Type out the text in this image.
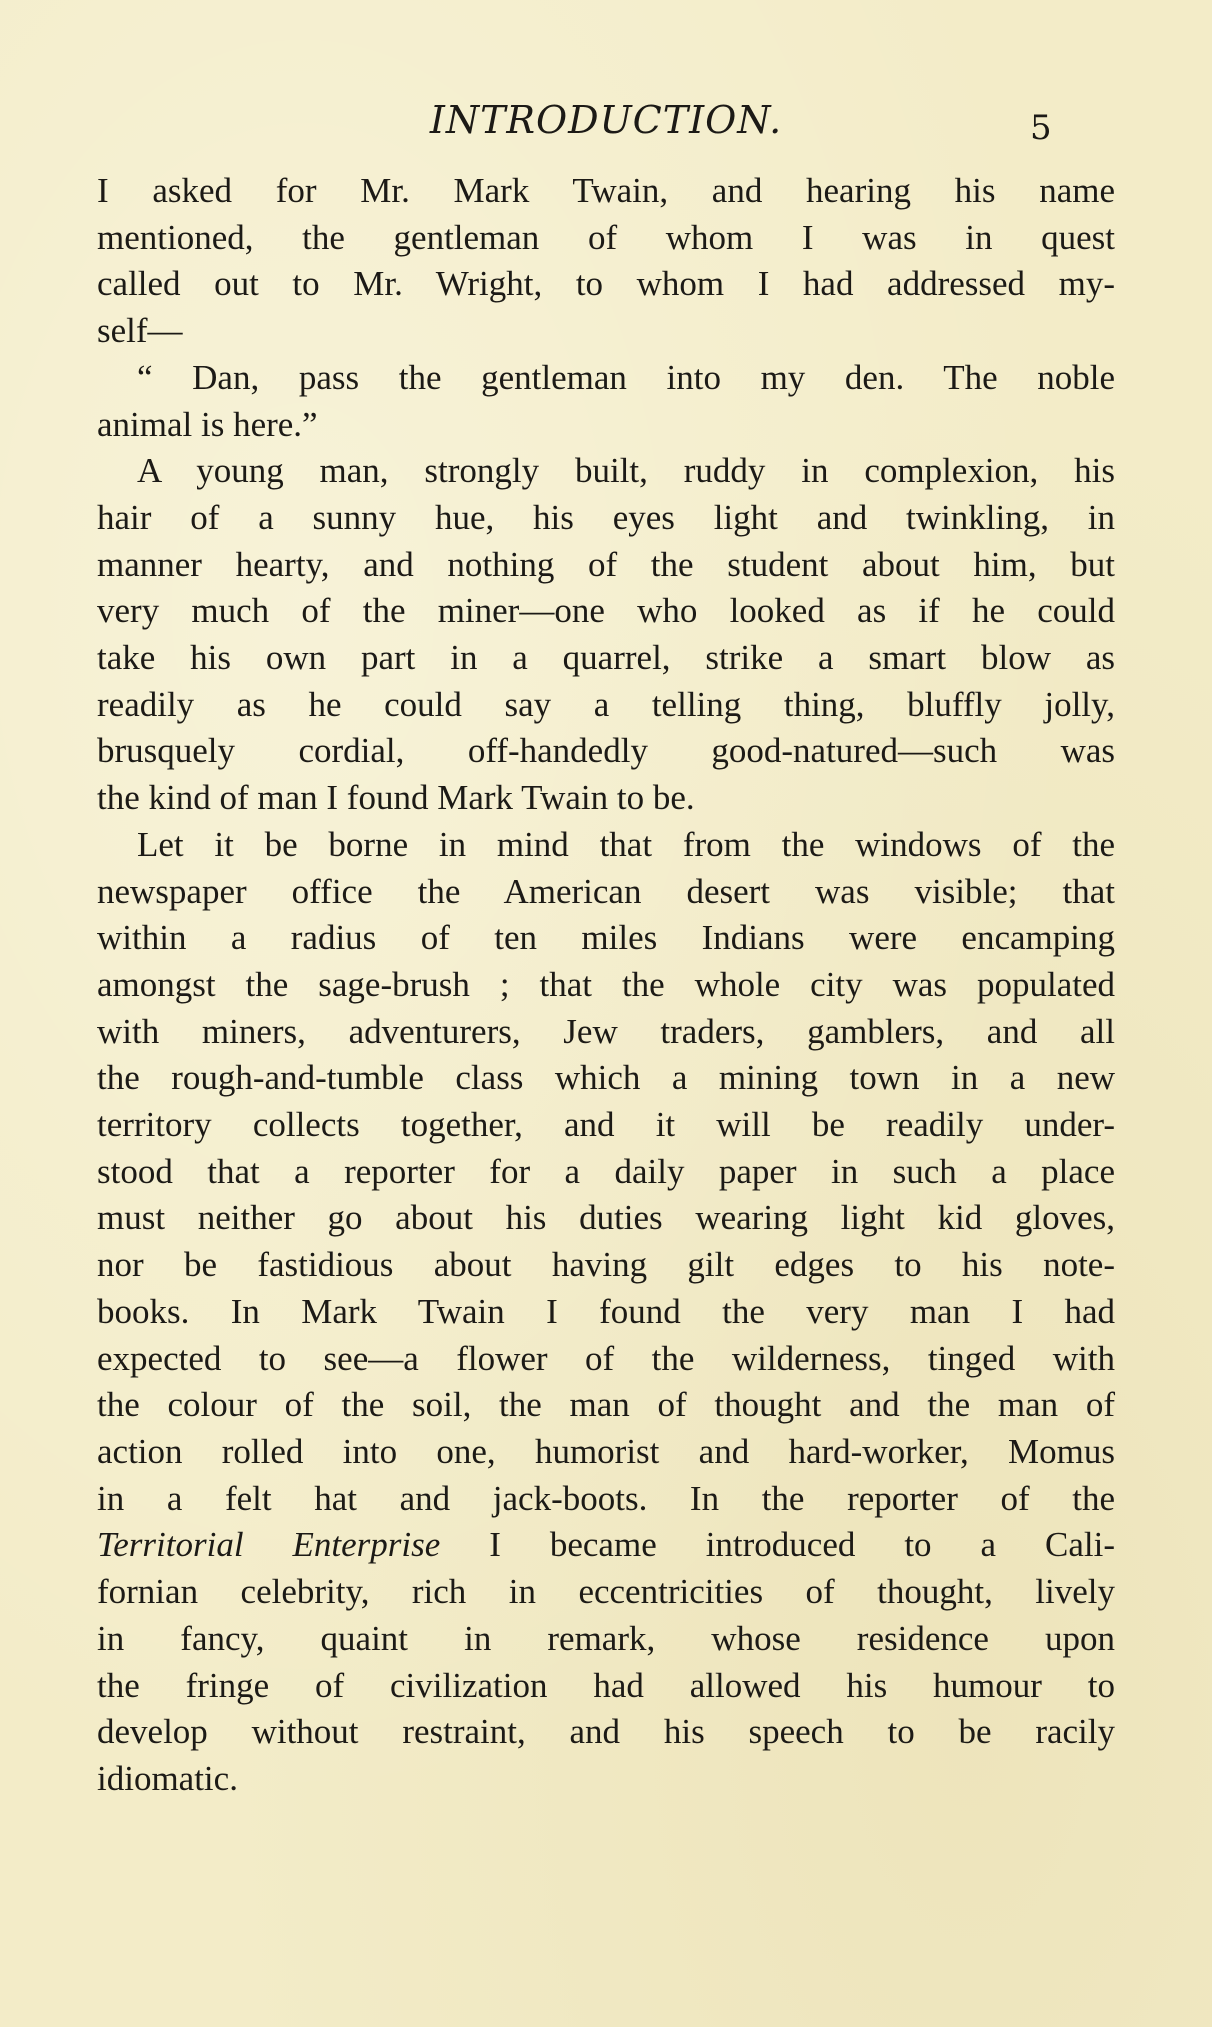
INTRODUCTION.	5
I asked for Mr. Mark Twain, and hearing his name
mentioned, the gentleman of whom I was in quest
called out to Mr. Wright, to whom I had addressed my-
self—
“ Dan, pass the gentleman into my den. The noble
animal is here.”
A young man, strongly built, ruddy in complexion, his
hair of a sunny hue, his eyes light and twinkling, in
manner hearty, and nothing of the student about him, but
very much of the miner—one who looked as if he could
take his own part in a quarrel, strike a smart blow as
readily as he could say a telling thing, bluffly jolly,
brusquely cordial, off-handedly good-natured—such was
the kind of man I found Mark Twain to be.
Let it be borne in mind that from the windows of the
newspaper office the American desert was visible; that
within a radius of ten miles Indians were encamping
amongst the sage-brush ; that the whole city was populated
with miners, adventurers, Jew traders, gamblers, and all
the rough-and-tumble class which a mining town in a new
territory collects together, and it will be readily under-
stood that a reporter for a daily paper in such a place
must neither go about his duties wearing light kid gloves,
nor be fastidious about having gilt edges to his note-
books. In Mark Twain I found the very man I had
expected to see—a flower of the wilderness, tinged with
the colour of the soil, the man of thought and the man of
action rolled into one, humorist and hard-worker, Momus
in a felt hat and jack-boots. In the reporter of the
Territorial Enterprise I became introduced to a Cali-
fornian celebrity, rich in eccentricities of thought, lively
in fancy, quaint in remark, whose residence upon
the fringe of civilization had allowed his humour to
develop without restraint, and his speech to be racily
idiomatic.
